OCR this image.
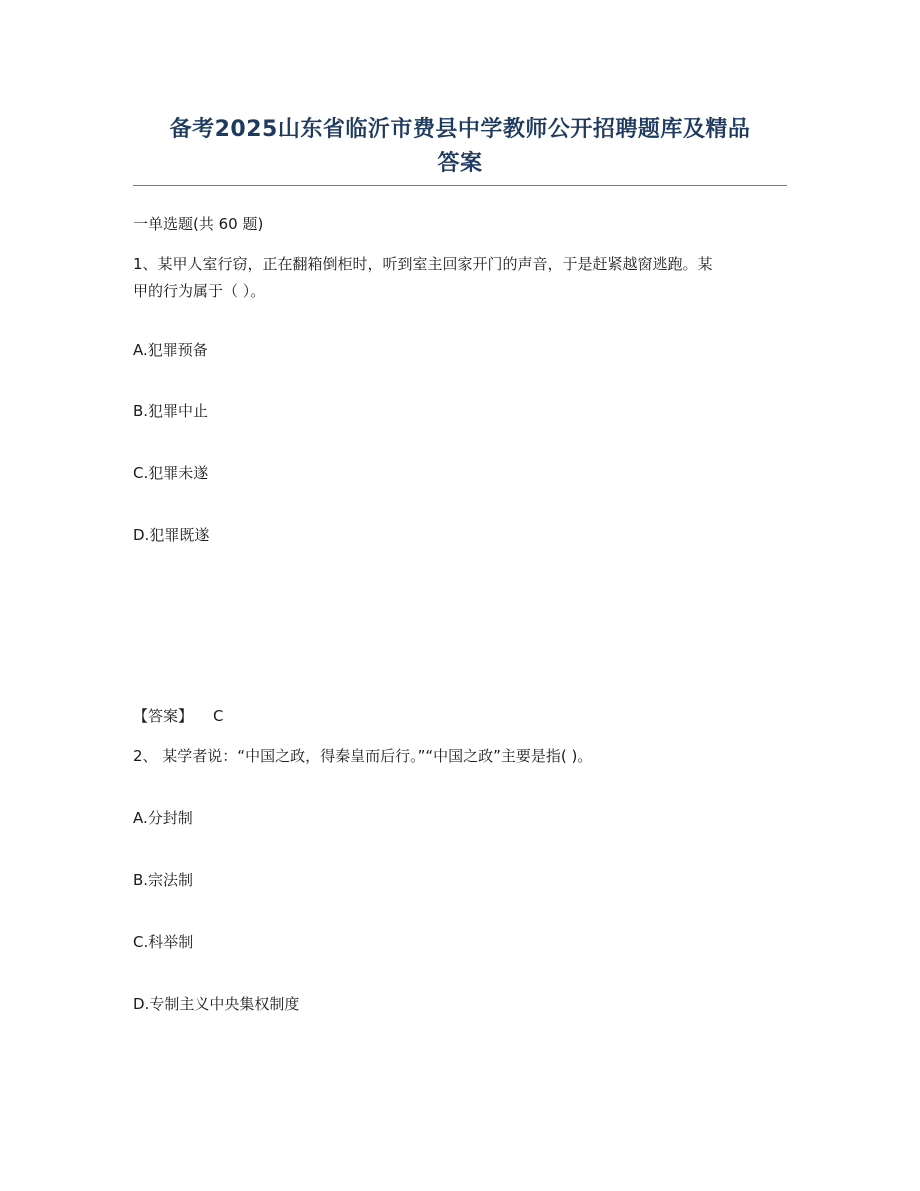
备考2025山东省临沂市费县中学教师公开招聘题库及精品
答案
一单选题(共 60 题)
1、某甲人室行窃，正在翻箱倒柜时，听到室主回家开门的声音，于是赶紧越窗逃跑。某
甲的行为属于（ ）。
A.犯罪预备
B.犯罪中止
C.犯罪未遂
D.犯罪既遂
【答案】 C
2、 某学者说：“中国之政，得秦皇而后行。”“中国之政”主要是指( )。
A.分封制
B.宗法制
C.科举制
D.专制主义中央集权制度
